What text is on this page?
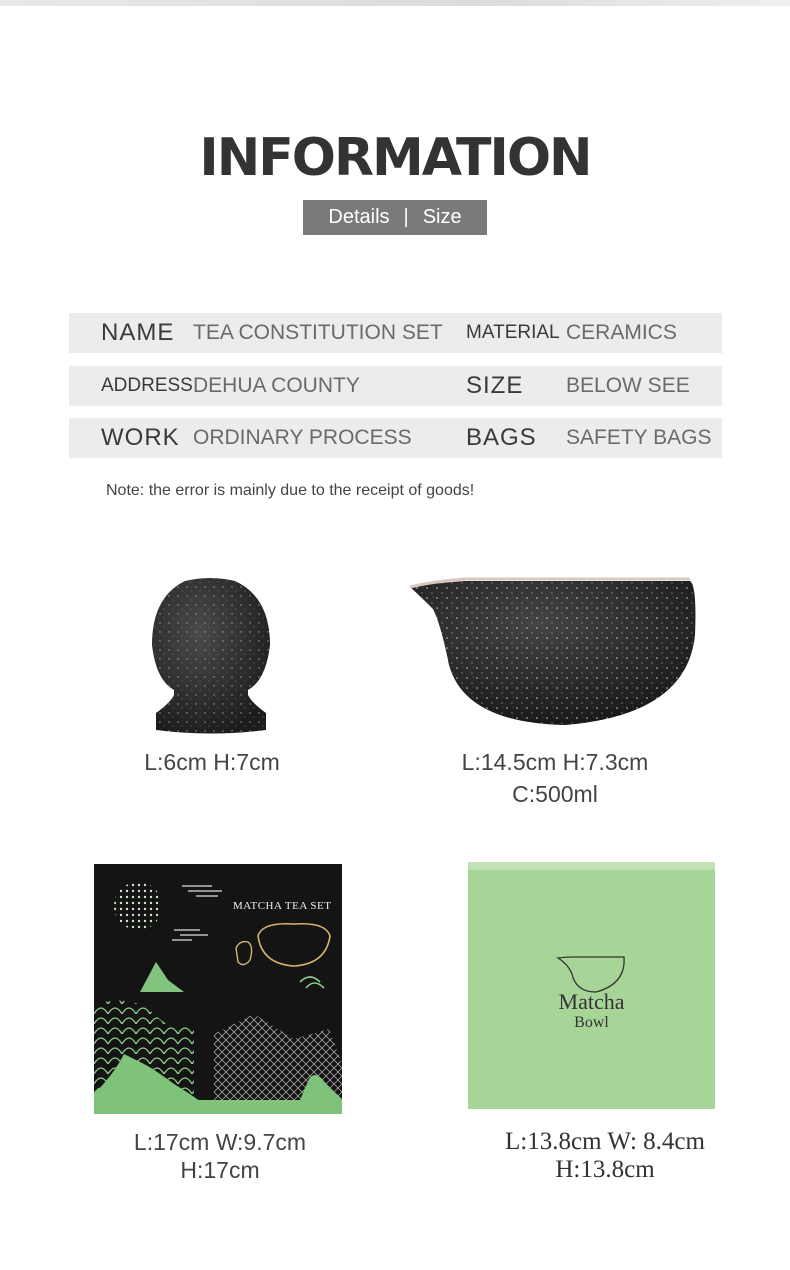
INFORMATION
Details | Size
NAME TEA CONSTITUTION SET MATERIAL CERAMICS
ADDRESS DEHUA COUNTY	SIZE BELOW SEE
WORK ORDINARY PROCESS BAGS SAFETY BAGS
Note: the error is mainly due to the receipt of goods!
L:6cm H:7cm	L:14.5cm H:7.3cm
C:500ml
MATCHA TEA SET
Matcha
Bowl
L:17cm W:9.7cm
H:17cm
L:13.8cm W: 8.4cm
H:13.8cm
